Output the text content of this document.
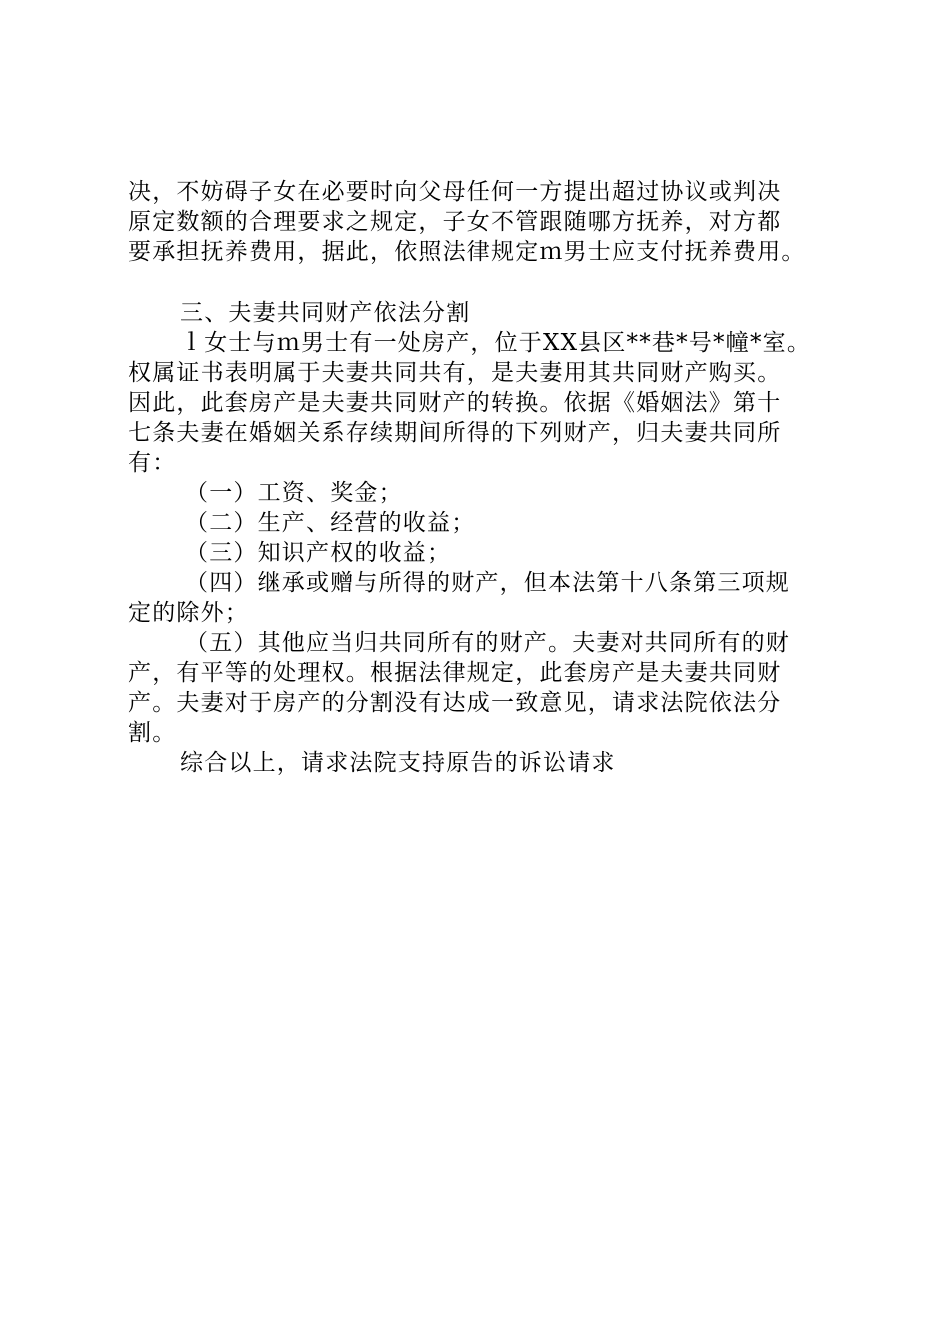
决，不妨碍子女在必要时向父母任何一方提出超过协议或判决
原定数额的合理要求之规定，子女不管跟随哪方抚养，对方都
要承担抚养费用，据此，依照法律规定ｍ男士应支付抚养费用。
三、夫妻共同财产依法分割
ｌ女士与ｍ男士有一处房产，位于XX县区**巷*号*幢*室。
权属证书表明属于夫妻共同共有，是夫妻用其共同财产购买。
因此，此套房产是夫妻共同财产的转换。依据《婚姻法》第十
七条夫妻在婚姻关系存续期间所得的下列财产，归夫妻共同所
有：
（一）工资、奖金；
（二）生产、经营的收益；
（三）知识产权的收益；
（四）继承或赠与所得的财产，但本法第十八条第三项规
定的除外；
（五）其他应当归共同所有的财产。夫妻对共同所有的财
产，有平等的处理权。根据法律规定，此套房产是夫妻共同财
产。夫妻对于房产的分割没有达成一致意见，请求法院依法分
割。
综合以上，请求法院支持原告的诉讼请求
